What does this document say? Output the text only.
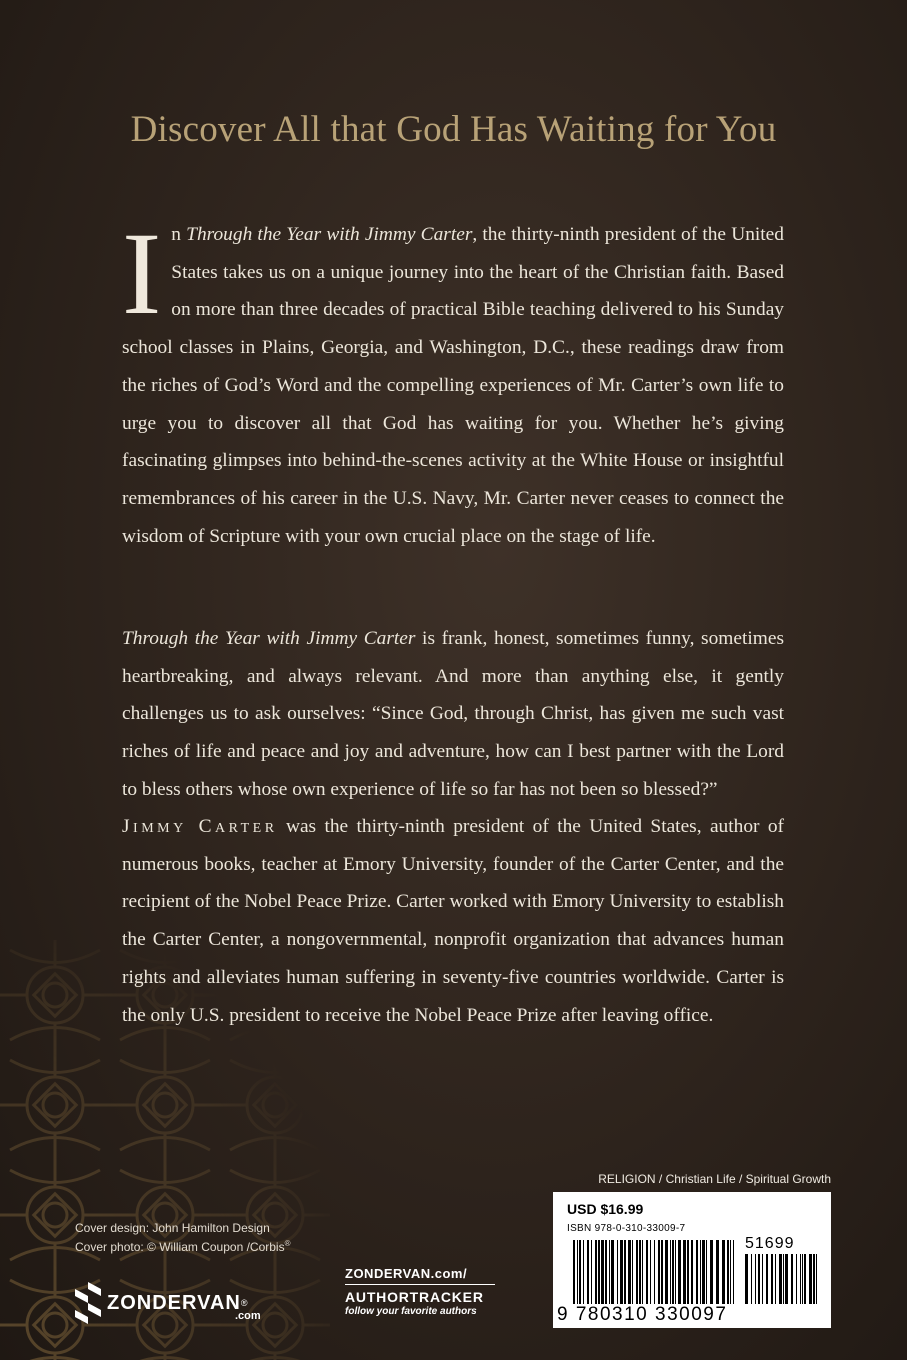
Discover All that God Has Waiting for You
In Through the Year with Jimmy Carter, the thirty-ninth president of the United States takes us on a unique journey into the heart of the Christian faith. Based on more than three decades of practical Bible teaching delivered to his Sunday school classes in Plains, Georgia, and Washington, D.C., these readings draw from the riches of God’s Word and the compelling experiences of Mr. Carter’s own life to urge you to discover all that God has waiting for you. Whether he’s giving fascinating glimpses into behind-the-scenes activity at the White House or insightful remembrances of his career in the U.S. Navy, Mr. Carter never ceases to connect the wisdom of Scripture with your own crucial place on the stage of life.
Through the Year with Jimmy Carter is frank, honest, sometimes funny, sometimes heartbreaking, and always relevant. And more than anything else, it gently challenges us to ask ourselves: “Since God, through Christ, has given me such vast riches of life and peace and joy and adventure, how can I best partner with the Lord to bless others whose own experience of life so far has not been so blessed?”
Jimmy Carter was the thirty-ninth president of the United States, author of numerous books, teacher at Emory University, founder of the Carter Center, and the recipient of the Nobel Peace Prize. Carter worked with Emory University to establish the Carter Center, a nongovernmental, nonprofit organization that advances human rights and alleviates human suffering in seventy-five countries worldwide. Carter is the only U.S. president to receive the Nobel Peace Prize after leaving office.
Cover design: John Hamilton Design
Cover photo: © William Coupon /Corbis®
ZONDERVAN ®
.com
ZONDERVAN.com/
AUTHORTRACKER
follow your favorite authors
RELIGION / Christian Life / Spiritual Growth
USD $16.99
ISBN 978-0-310-33009-7
51699
9 780310 330097
